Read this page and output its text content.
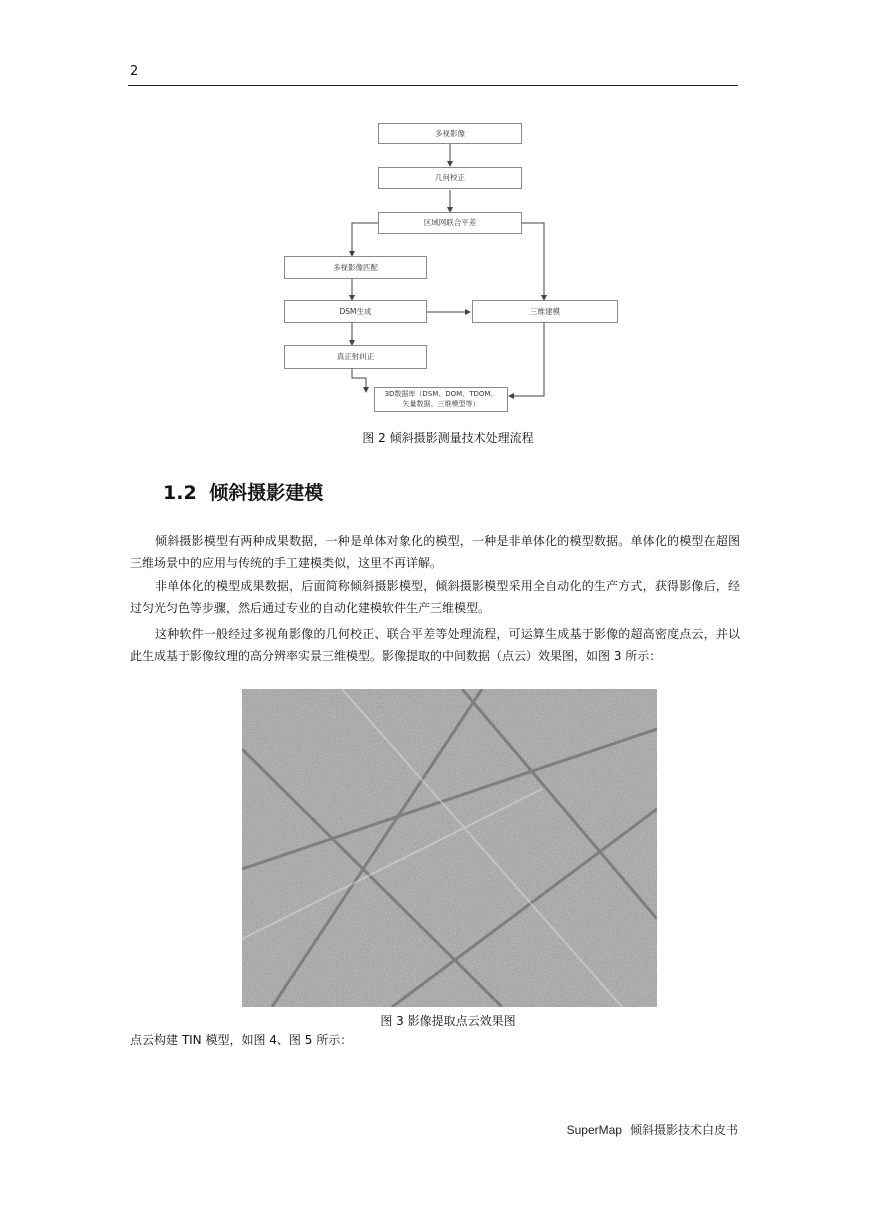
2
多视影像
几何校正
区域网联合平差
多视影像匹配
DSM生成	三维建模
真正射纠正
3D数据库（DSM、DOM、TDOM、
矢量数据、三维模型等）
图 2 倾斜摄影测量技术处理流程
1.2 倾斜摄影建模

倾斜摄影模型有两种成果数据，一种是单体对象化的模型，一种是非单体化的模型数据。单体化的模型在超图三维场景中的应用与传统的手工建模类似，这里不再详解。

非单体化的模型成果数据，后面简称倾斜摄影模型，倾斜摄影模型采用全自动化的生产方式，获得影像后，经过匀光匀色等步骤，然后通过专业的自动化建模软件生产三维模型。

这种软件一般经过多视角影像的几何校正、联合平差等处理流程，可运算生成基于影像的超高密度点云，并以此生成基于影像纹理的高分辨率实景三维模型。影像提取的中间数据（点云）效果图，如图 3 所示：

图 3 影像提取点云效果图
点云构建 TIN 模型，如图 4、图 5 所示：
SuperMap 倾斜摄影技术白皮书
